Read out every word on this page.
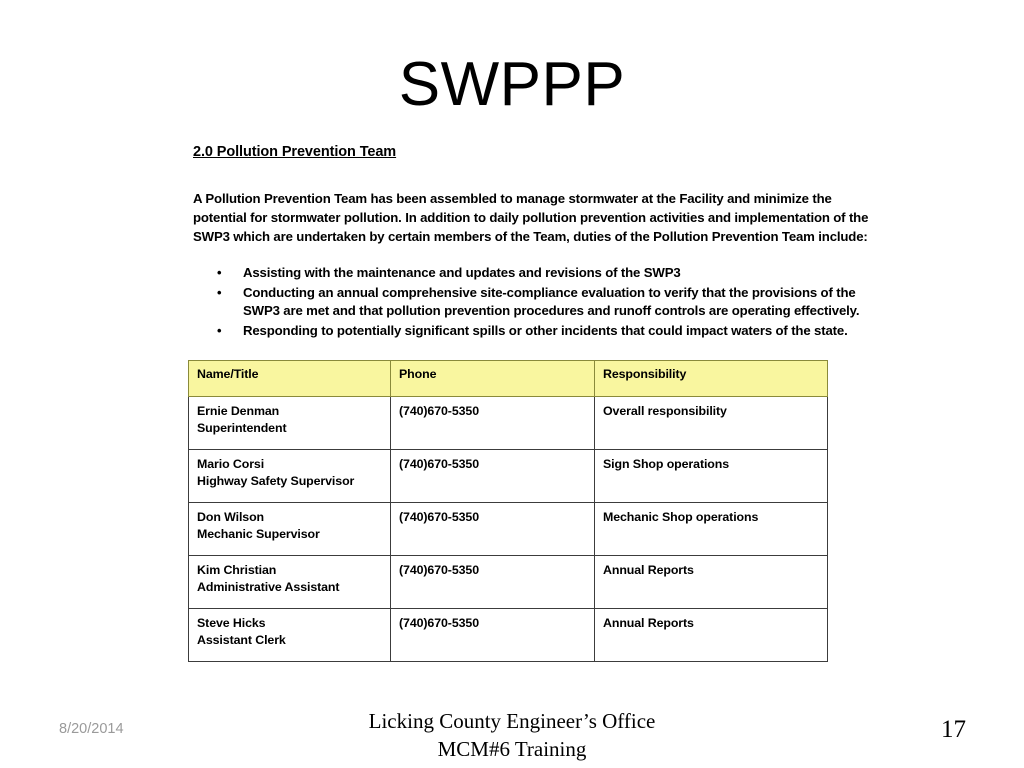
SWPPP
2.0 Pollution Prevention Team

A Pollution Prevention Team has been assembled to manage stormwater at the Facility and minimize the potential for stormwater pollution. In addition to daily pollution prevention activities and implementation of the SWP3 which are undertaken by certain members of the Team, duties of the Pollution Prevention Team include:

• Assisting with the maintenance and updates and revisions of the SWP3
• Conducting an annual comprehensive site-compliance evaluation to verify that the provisions of the SWP3 are met and that pollution prevention procedures and runoff controls are operating effectively.
• Responding to potentially significant spills or other incidents that could impact waters of the state.
Name/Title	Phone	Responsibility

Ernie Denman
Superintendent	(740)670-5350	Overall responsibility

Mario Corsi
Highway Safety Supervisor	(740)670-5350	Sign Shop operations

Don Wilson
Mechanic Supervisor	(740)670-5350	Mechanic Shop operations

Kim Christian
Administrative Assistant	(740)670-5350	Annual Reports

Steve Hicks
Assistant Clerk	(740)670-5350	Annual Reports
8/20/2014	Licking County Engineer’s Office
MCM#6 Training
17
